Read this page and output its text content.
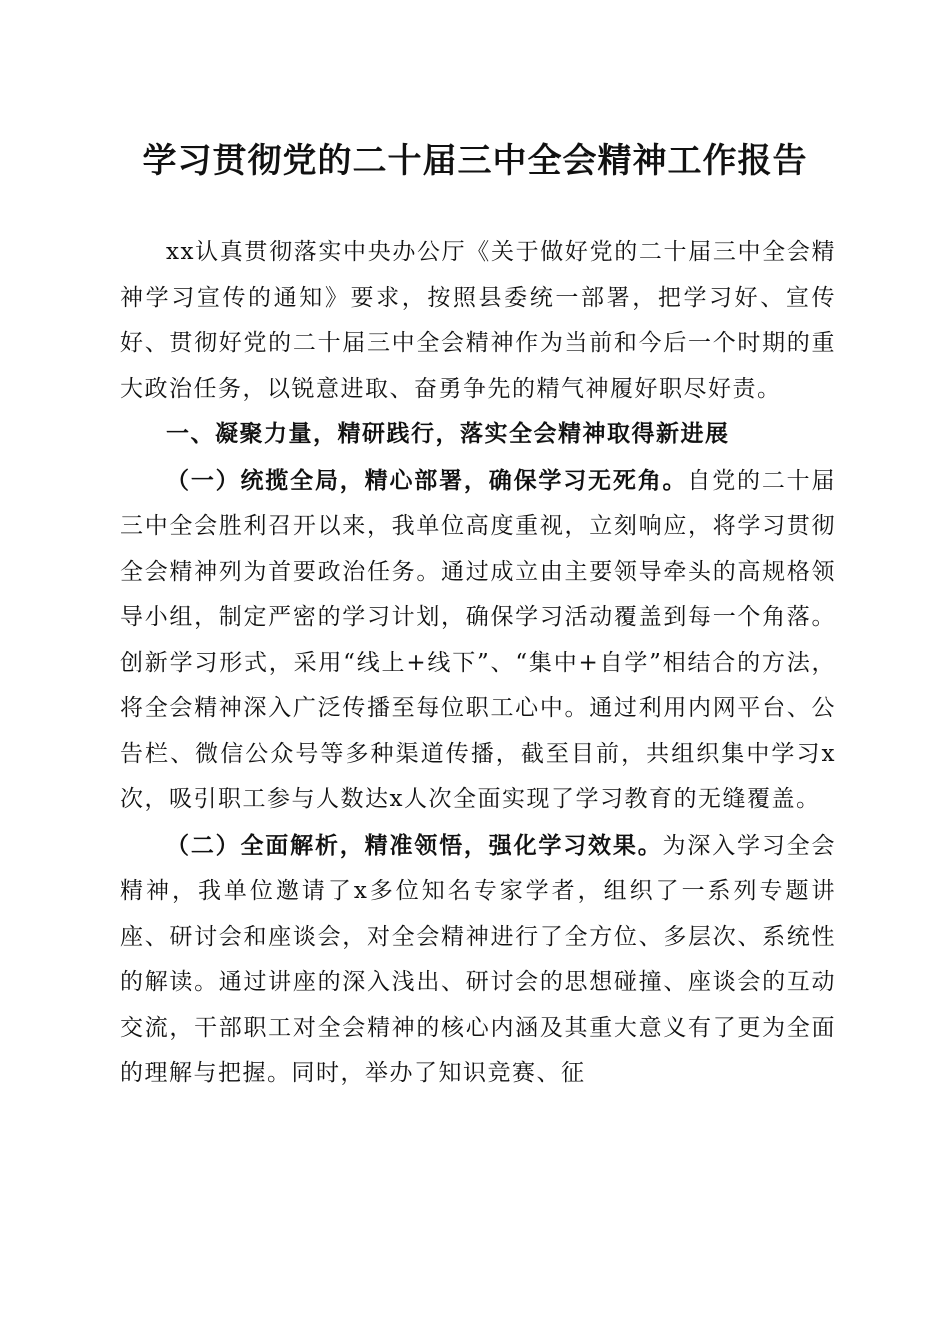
学习贯彻党的二十届三中全会精神工作报告

xx认真贯彻落实中央办公厅《关于做好党的二十届三中全会精神学习宣传的通知》要求，按照县委统一部署，把学习好、宣传好、贯彻好党的二十届三中全会精神作为当前和今后一个时期的重大政治任务，以锐意进取、奋勇争先的精气神履好职尽好责。

一、凝聚力量，精研践行，落实全会精神取得新进展

（一）统揽全局，精心部署，确保学习无死角。自党的二十届三中全会胜利召开以来，我单位高度重视，立刻响应，将学习贯彻全会精神列为首要政治任务。通过成立由主要领导牵头的高规格领导小组，制定严密的学习计划，确保学习活动覆盖到每一个角落。创新学习形式，采用“线上+线下”、“集中+自学”相结合的方法，将全会精神深入广泛传播至每位职工心中。通过利用内网平台、公告栏、微信公众号等多种渠道传播，截至目前，共组织集中学习x次，吸引职工参与人数达x人次全面实现了学习教育的无缝覆盖。

（二）全面解析，精准领悟，强化学习效果。为深入学习全会精神，我单位邀请了x多位知名专家学者，组织了一系列专题讲座、研讨会和座谈会，对全会精神进行了全方位、多层次、系统性的解读。通过讲座的深入浅出、研讨会的思想碰撞、座谈会的互动交流，干部职工对全会精神的核心内涵及其重大意义有了更为全面的理解与把握。同时，举办了知识竞赛、征
